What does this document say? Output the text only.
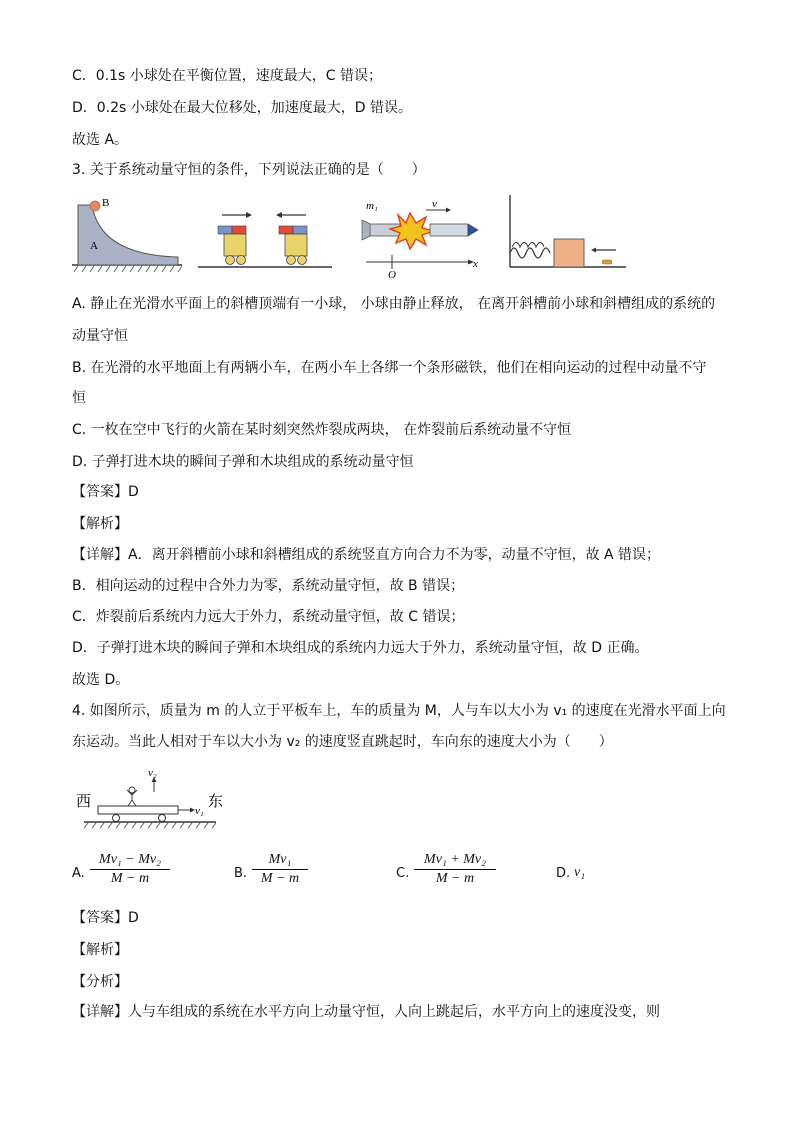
C．0.1s 小球处在平衡位置，速度最大，C 错误；
D．0.2s 小球处在最大位移处，加速度最大，D 错误。
故选 A。
3. 关于系统动量守恒的条件，下列说法正确的是（　　）
B
A
m₁	v
O
x
A. 静止在光滑水平面上的斜槽顶端有一小球， 小球由静止释放， 在离开斜槽前小球和斜槽组成的系统的
动量守恒
B. 在光滑的水平地面上有两辆小车，在两小车上各绑一个条形磁铁，他们在相向运动的过程中动量不守
恒
C. 一枚在空中飞行的火箭在某时刻突然炸裂成两块， 在炸裂前后系统动量不守恒
D. 子弹打进木块的瞬间子弹和木块组成的系统动量守恒
【答案】D
【解析】
【详解】A．离开斜槽前小球和斜槽组成的系统竖直方向合力不为零，动量不守恒，故 A 错误；
B．相向运动的过程中合外力为零，系统动量守恒，故 B 错误；
C．炸裂前后系统内力远大于外力，系统动量守恒，故 C 错误；
D．子弹打进木块的瞬间子弹和木块组成的系统内力远大于外力，系统动量守恒，故 D 正确。
故选 D。
4. 如图所示，质量为 m 的人立于平板车上，车的质量为 M，人与车以大小为 v₁ 的速度在光滑水平面上向
东运动。当此人相对于车以大小为 v₂ 的速度竖直跳起时，车向东的速度大小为（　　）
西	东
v₂
v₁
A. $\frac{\text{Mv₁ − Mv₂}}{M - m}$	B. $\frac{\text{Mv₁}}{M - m}$	C. $\frac{\text{Mv₁ + Mv₂}}{M - m}$	D. v₁
【答案】D
【解析】
【分析】
【详解】人与车组成的系统在水平方向上动量守恒，人向上跳起后，水平方向上的速度没变，则
